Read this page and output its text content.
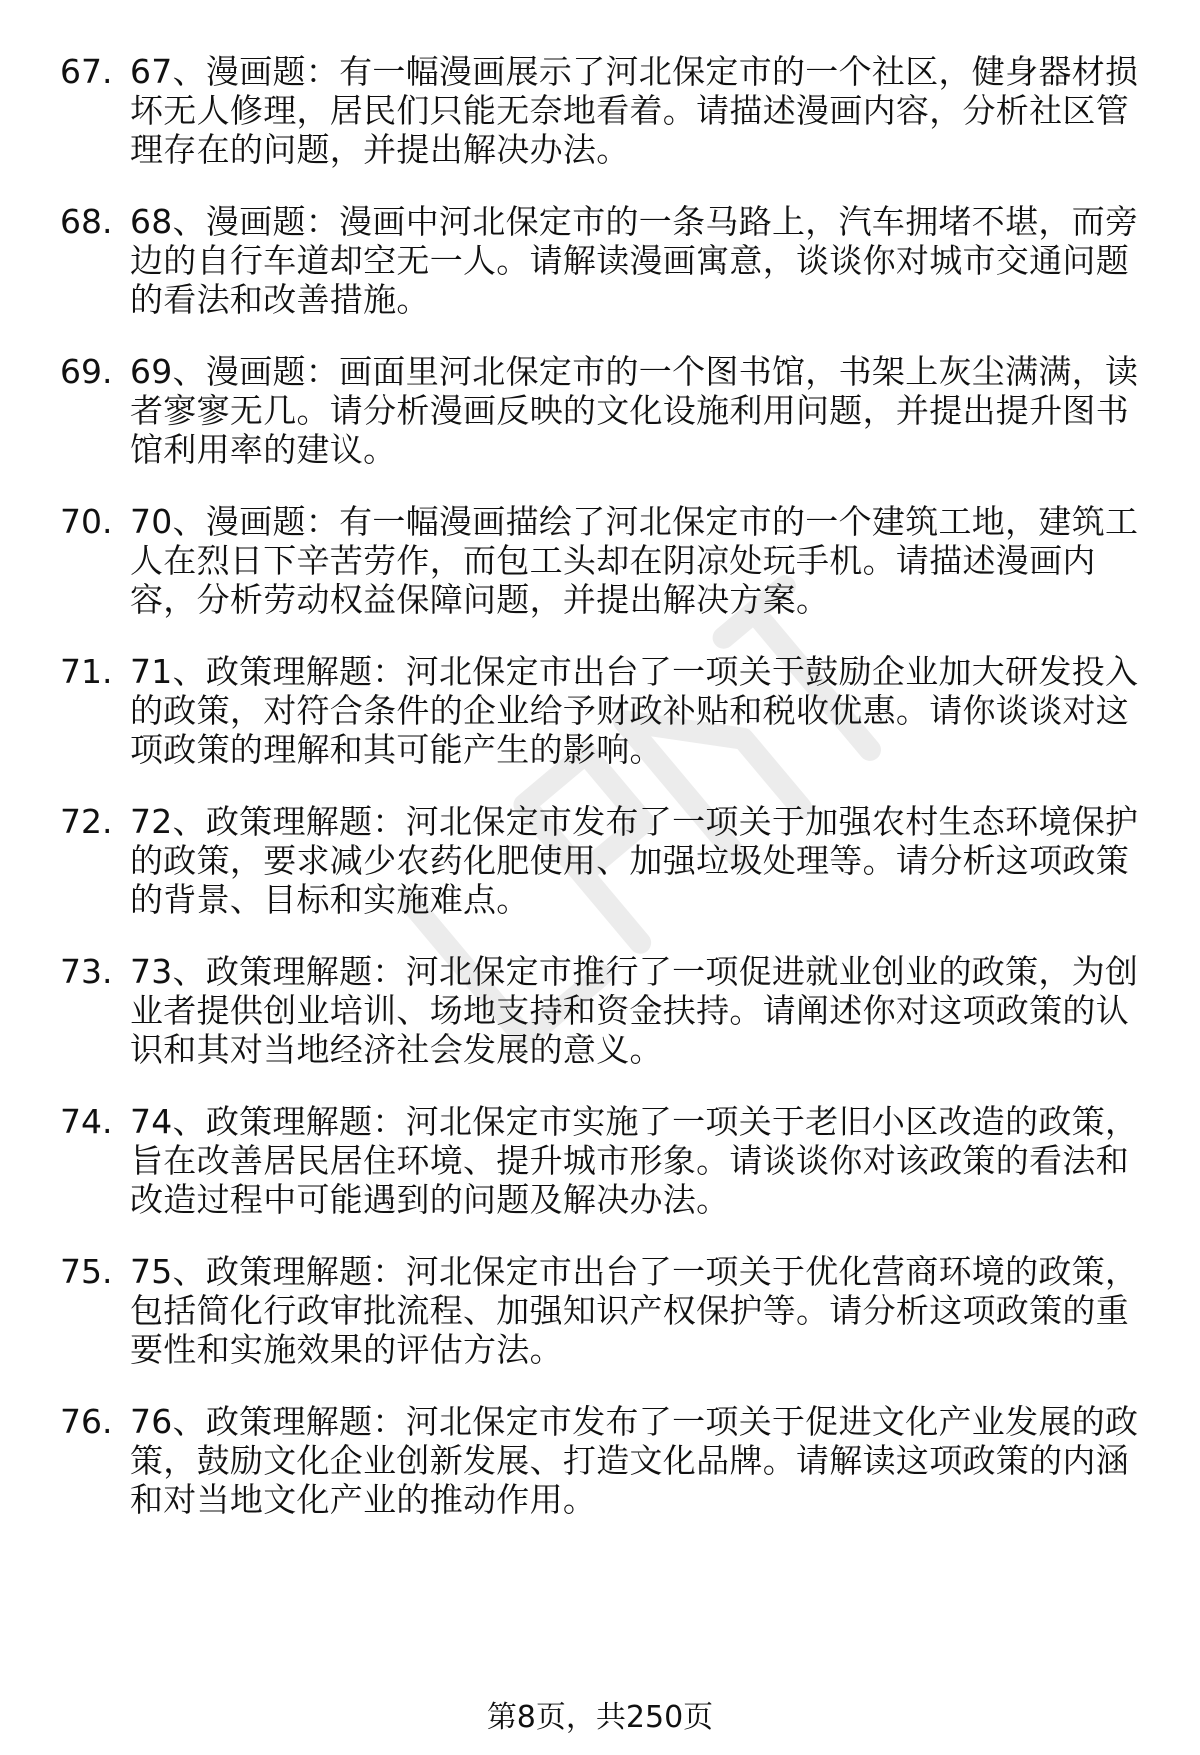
67. 67、漫画题：有一幅漫画展示了河北保定市的一个社区，健身器材损坏无人修理，居民们只能无奈地看着。请描述漫画内容，分析社区管理存在的问题，并提出解决办法。
68. 68、漫画题：漫画中河北保定市的一条马路上，汽车拥堵不堪，而旁边的自行车道却空无一人。请解读漫画寓意，谈谈你对城市交通问题的看法和改善措施。
69. 69、漫画题：画面里河北保定市的一个图书馆，书架上灰尘满满，读者寥寥无几。请分析漫画反映的文化设施利用问题，并提出提升图书馆利用率的建议。
70. 70、漫画题：有一幅漫画描绘了河北保定市的一个建筑工地，建筑工人在烈日下辛苦劳作，而包工头却在阴凉处玩手机。请描述漫画内容，分析劳动权益保障问题，并提出解决方案。
71. 71、政策理解题：河北保定市出台了一项关于鼓励企业加大研发投入的政策，对符合条件的企业给予财政补贴和税收优惠。请你谈谈对这项政策的理解和其可能产生的影响。
72. 72、政策理解题：河北保定市发布了一项关于加强农村生态环境保护的政策，要求减少农药化肥使用、加强垃圾处理等。请分析这项政策的背景、目标和实施难点。
73. 73、政策理解题：河北保定市推行了一项促进就业创业的政策，为创业者提供创业培训、场地支持和资金扶持。请阐述你对这项政策的认识和其对当地经济社会发展的意义。
74. 74、政策理解题：河北保定市实施了一项关于老旧小区改造的政策，旨在改善居民居住环境、提升城市形象。请谈谈你对该政策的看法和改造过程中可能遇到的问题及解决办法。
75. 75、政策理解题：河北保定市出台了一项关于优化营商环境的政策，包括简化行政审批流程、加强知识产权保护等。请分析这项政策的重要性和实施效果的评估方法。
76. 76、政策理解题：河北保定市发布了一项关于促进文化产业发展的政策，鼓励文化企业创新发展、打造文化品牌。请解读这项政策的内涵和对当地文化产业的推动作用。
第8页，共250页
